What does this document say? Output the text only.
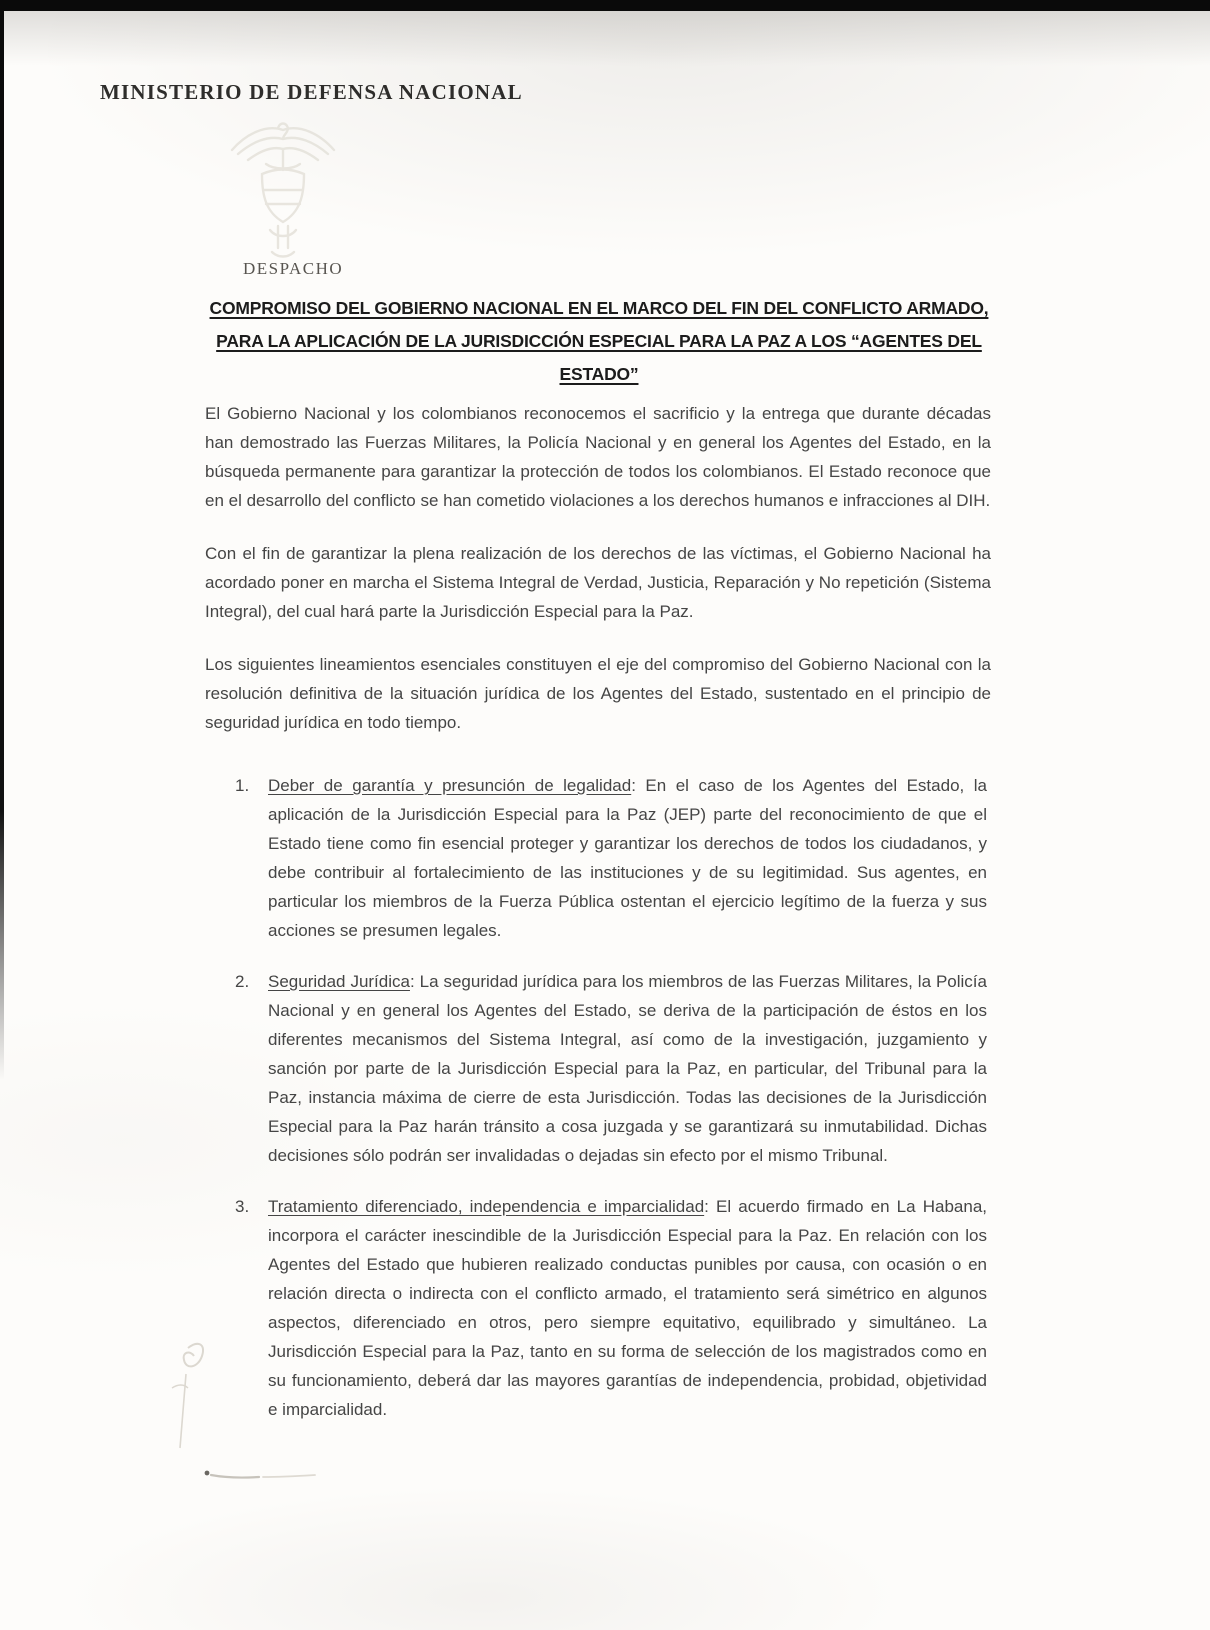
MINISTERIO DE DEFENSA NACIONAL
DESPACHO
COMPROMISO DEL GOBIERNO NACIONAL EN EL MARCO DEL FIN DEL CONFLICTO ARMADO, PARA LA APLICACIÓN DE LA JURISDICCIÓN ESPECIAL PARA LA PAZ A LOS “AGENTES DEL ESTADO”

El Gobierno Nacional y los colombianos reconocemos el sacrificio y la entrega que durante décadas han demostrado las Fuerzas Militares, la Policía Nacional y en general los Agentes del Estado, en la búsqueda permanente para garantizar la protección de todos los colombianos. El Estado reconoce que en el desarrollo del conflicto se han cometido violaciones a los derechos humanos e infracciones al DIH.

Con el fin de garantizar la plena realización de los derechos de las víctimas, el Gobierno Nacional ha acordado poner en marcha el Sistema Integral de Verdad, Justicia, Reparación y No repetición (Sistema Integral), del cual hará parte la Jurisdicción Especial para la Paz.

Los siguientes lineamientos esenciales constituyen el eje del compromiso del Gobierno Nacional con la resolución definitiva de la situación jurídica de los Agentes del Estado, sustentado en el principio de seguridad jurídica en todo tiempo.

1.	Deber de garantía y presunción de legalidad: En el caso de los Agentes del Estado, la aplicación de la Jurisdicción Especial para la Paz (JEP) parte del reconocimiento de que el Estado tiene como fin esencial proteger y garantizar los derechos de todos los ciudadanos, y debe contribuir al fortalecimiento de las instituciones y de su legitimidad. Sus agentes, en particular los miembros de la Fuerza Pública ostentan el ejercicio legítimo de la fuerza y sus acciones se presumen legales.
2.	Seguridad Jurídica: La seguridad jurídica para los miembros de las Fuerzas Militares, la Policía Nacional y en general los Agentes del Estado, se deriva de la participación de éstos en los diferentes mecanismos del Sistema Integral, así como de la investigación, juzgamiento y sanción por parte de la Jurisdicción Especial para la Paz, en particular, del Tribunal para la Paz, instancia máxima de cierre de esta Jurisdicción. Todas las decisiones de la Jurisdicción Especial para la Paz harán tránsito a cosa juzgada y se garantizará su inmutabilidad. Dichas decisiones sólo podrán ser invalidadas o dejadas sin efecto por el mismo Tribunal.
3.	Tratamiento diferenciado, independencia e imparcialidad: El acuerdo firmado en La Habana, incorpora el carácter inescindible de la Jurisdicción Especial para la Paz. En relación con los Agentes del Estado que hubieren realizado conductas punibles por causa, con ocasión o en relación directa o indirecta con el conflicto armado, el tratamiento será simétrico en algunos aspectos, diferenciado en otros, pero siempre equitativo, equilibrado y simultáneo. La Jurisdicción Especial para la Paz, tanto en su forma de selección de los magistrados como en su funcionamiento, deberá dar las mayores garantías de independencia, probidad, objetividad e imparcialidad.
